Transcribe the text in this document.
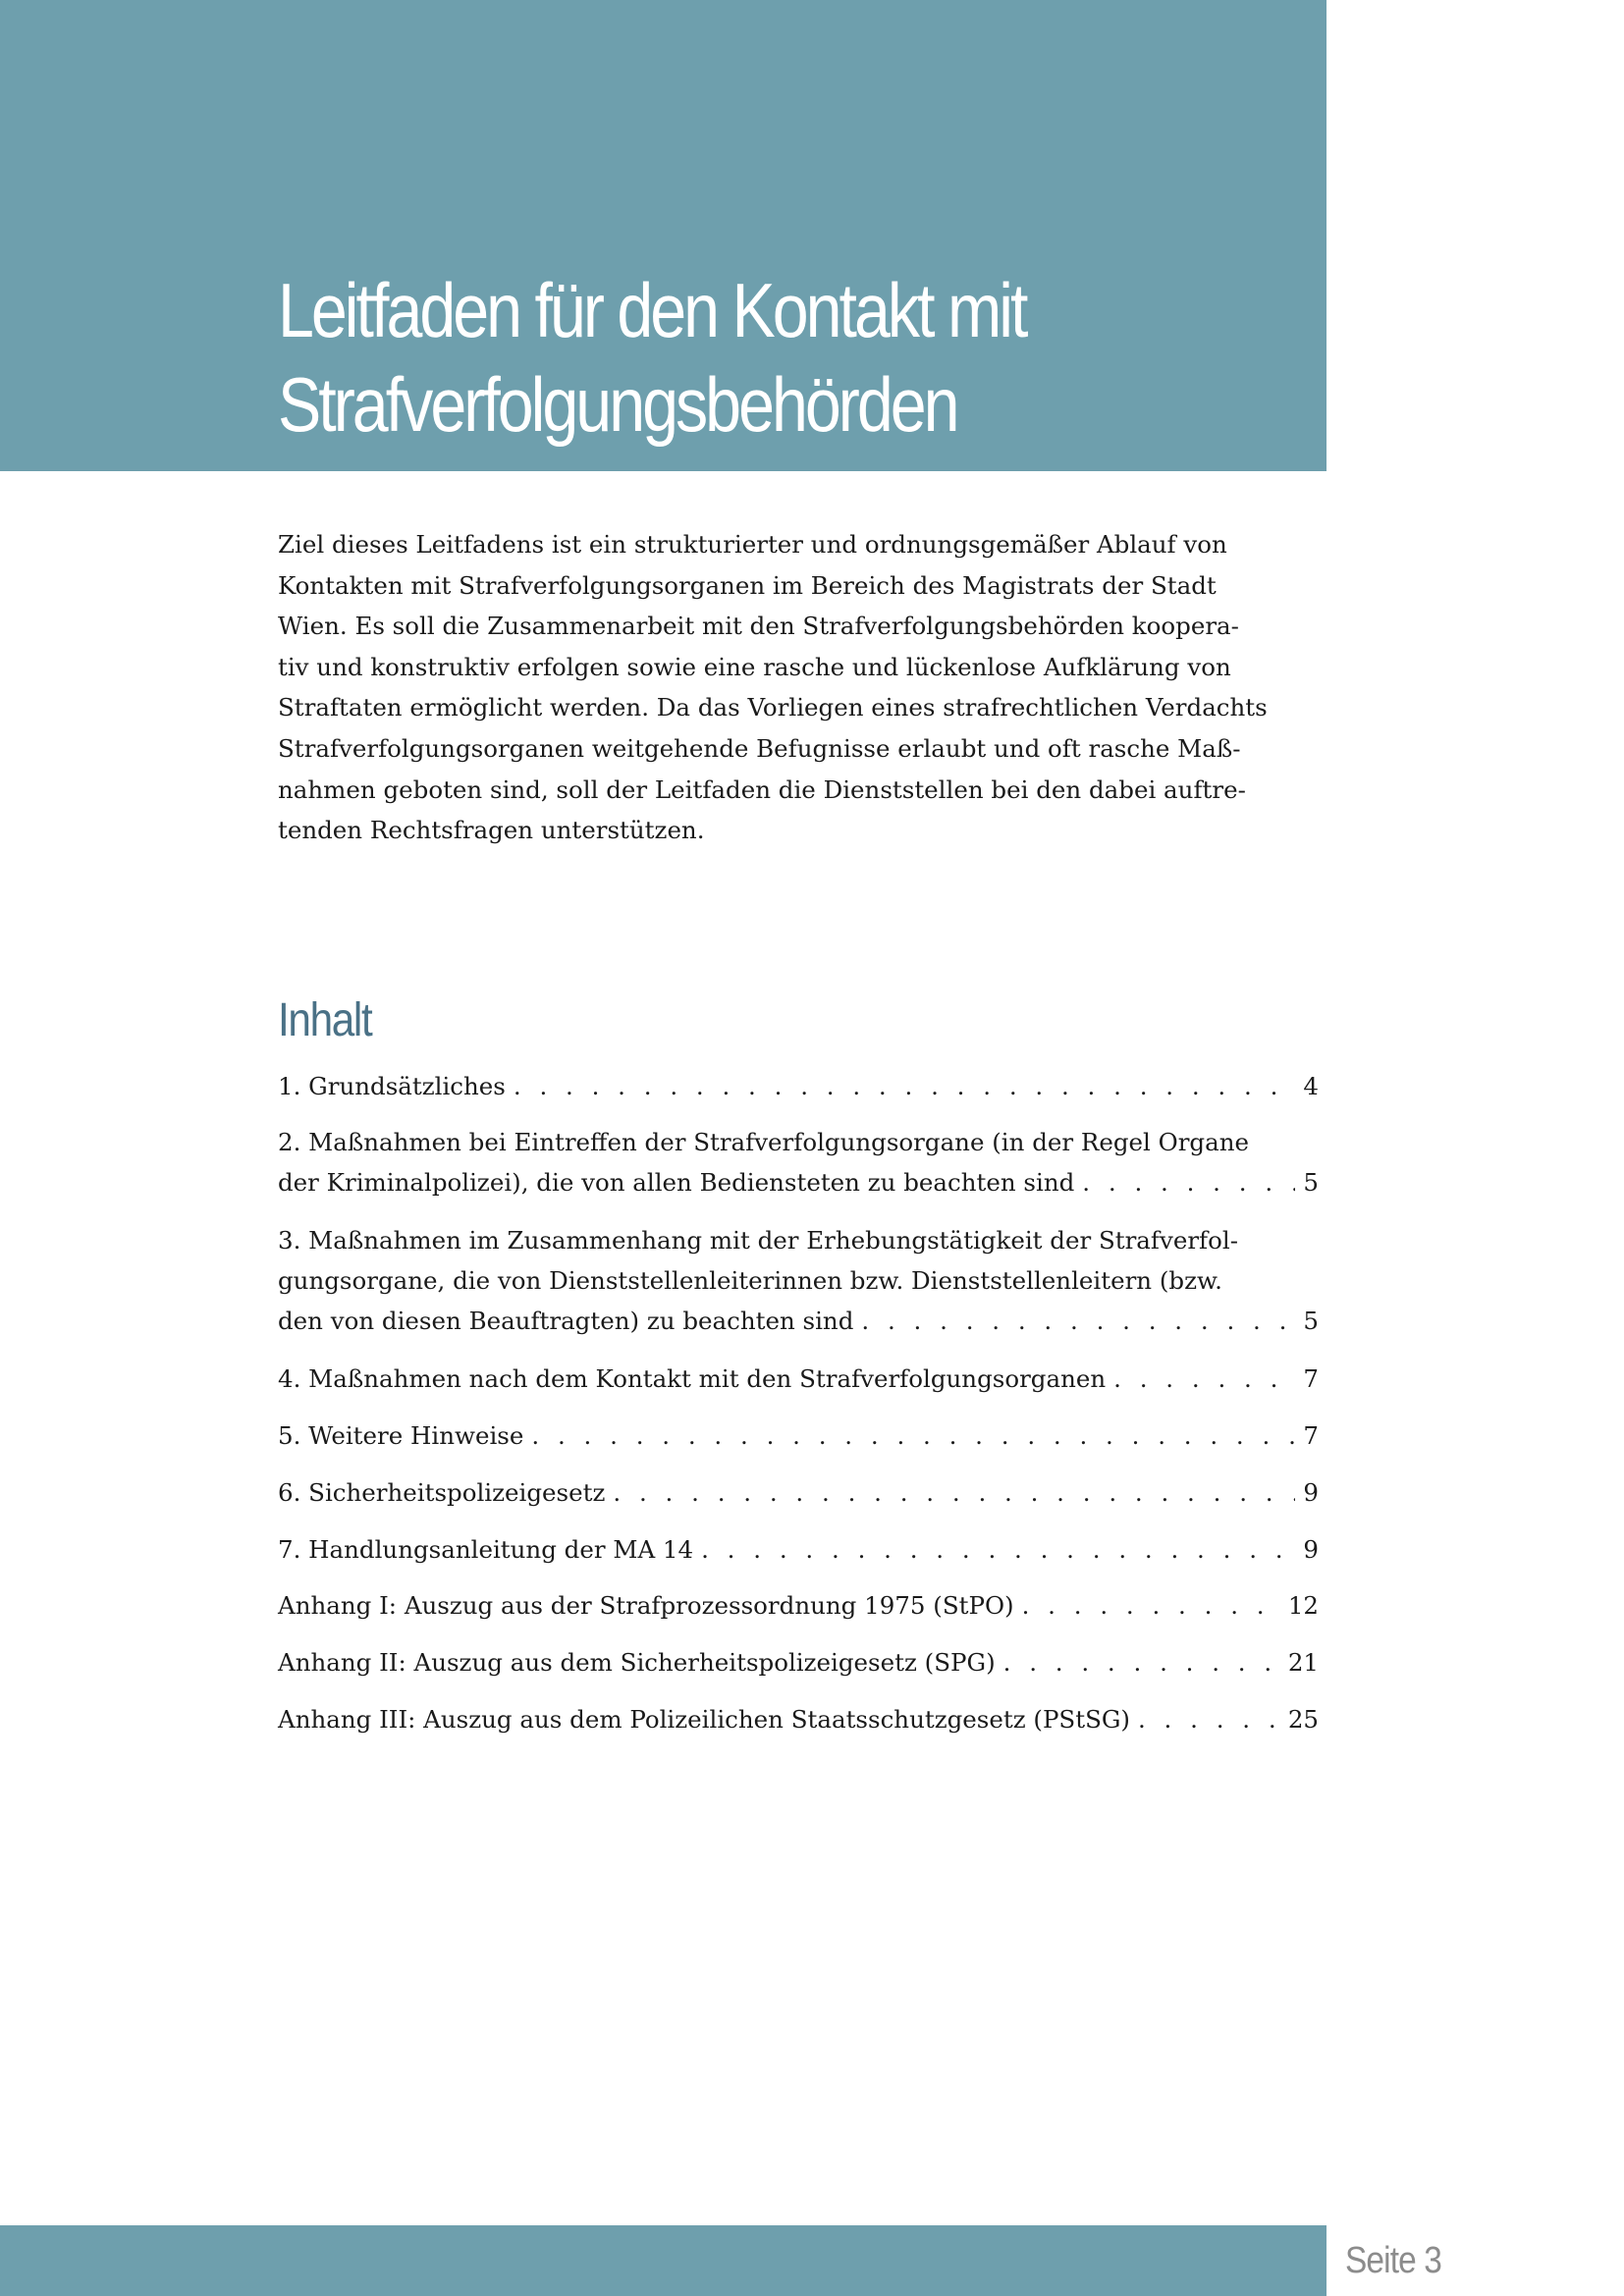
Leitfaden für den Kontakt mit
Strafverfolgungsbehörden

Ziel dieses Leitfadens ist ein strukturierter und ordnungsgemäßer Ablauf von
Kontakten mit Strafverfolgungsorganen im Bereich des Magistrats der Stadt
Wien. Es soll die Zusammenarbeit mit den Strafverfolgungsbehörden koopera-
tiv und konstruktiv erfolgen sowie eine rasche und lückenlose Aufklärung von
Straftaten ermöglicht werden. Da das Vorliegen eines strafrechtlichen Verdachts
Strafverfolgungsorganen weitgehende Befugnisse erlaubt und oft rasche Maß-
nahmen geboten sind, soll der Leitfaden die Dienststellen bei den dabei auftre-
tenden Rechtsfragen unterstützen.

Inhalt
1. Grundsätzliches . . .	4
2. Maßnahmen bei Eintreffen der Strafverfolgungsorgane (in der Regel Organe
der Kriminalpolizei), die von allen Bediensteten zu beachten sind . . .	5
3. Maßnahmen im Zusammenhang mit der Erhebungstätigkeit der Strafverfol-
gungsorgane, die von Dienststellenleiterinnen bzw. Dienststellenleitern (bzw.
den von diesen Beauftragten) zu beachten sind . . .	5
4. Maßnahmen nach dem Kontakt mit den Strafverfolgungsorganen . . .	7
5. Weitere Hinweise . . .	7
6. Sicherheitspolizeigesetz . . .	9
7. Handlungsanleitung der MA 14 . . .	9
Anhang I: Auszug aus der Strafprozessordnung 1975 (StPO) . . .	12
Anhang II: Auszug aus dem Sicherheitspolizeigesetz (SPG) . . .	21
Anhang III: Auszug aus dem Polizeilichen Staatsschutzgesetz (PStSG) . . .	25

Seite 3
